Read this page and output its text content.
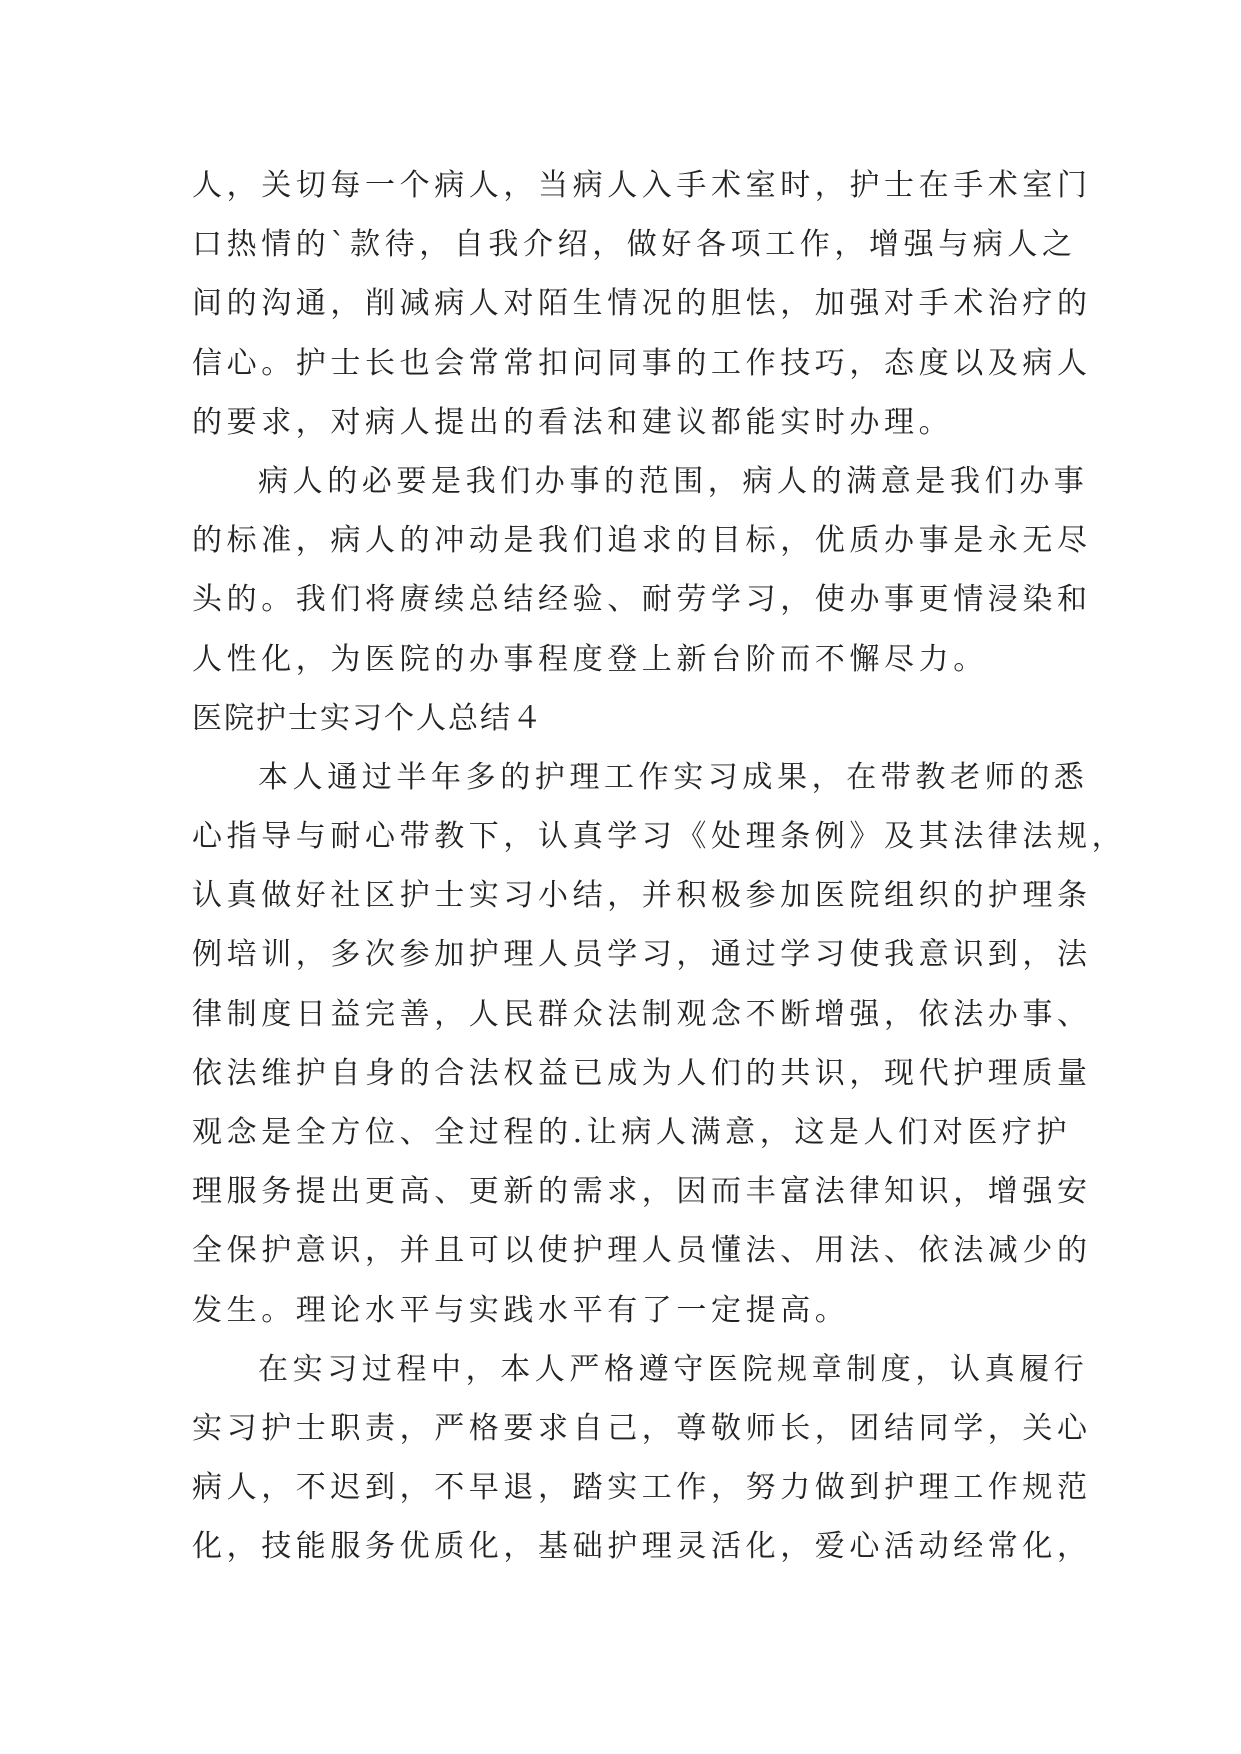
人，关切每一个病人，当病人入手术室时，护士在手术室门
口热情的`款待，自我介绍，做好各项工作，增强与病人之
间的沟通，削减病人对陌生情况的胆怯，加强对手术治疗的
信心。护士长也会常常扣问同事的工作技巧，态度以及病人
的要求，对病人提出的看法和建议都能实时办理。
病人的必要是我们办事的范围，病人的满意是我们办事
的标准，病人的冲动是我们追求的目标，优质办事是永无尽
头的。我们将赓续总结经验、耐劳学习，使办事更情浸染和
人性化，为医院的办事程度登上新台阶而不懈尽力。
医院护士实习个人总结４
本人通过半年多的护理工作实习成果，在带教老师的悉
心指导与耐心带教下，认真学习《处理条例》及其法律法规，
认真做好社区护士实习小结，并积极参加医院组织的护理条
例培训，多次参加护理人员学习，通过学习使我意识到，法
律制度日益完善，人民群众法制观念不断增强，依法办事、
依法维护自身的合法权益已成为人们的共识，现代护理质量
观念是全方位、全过程的.让病人满意，这是人们对医疗护
理服务提出更高、更新的需求，因而丰富法律知识，增强安
全保护意识，并且可以使护理人员懂法、用法、依法减少的
发生。理论水平与实践水平有了一定提高。
在实习过程中，本人严格遵守医院规章制度，认真履行
实习护士职责，严格要求自己，尊敬师长，团结同学，关心
病人，不迟到，不早退，踏实工作，努力做到护理工作规范
化，技能服务优质化，基础护理灵活化，爱心活动经常化，
